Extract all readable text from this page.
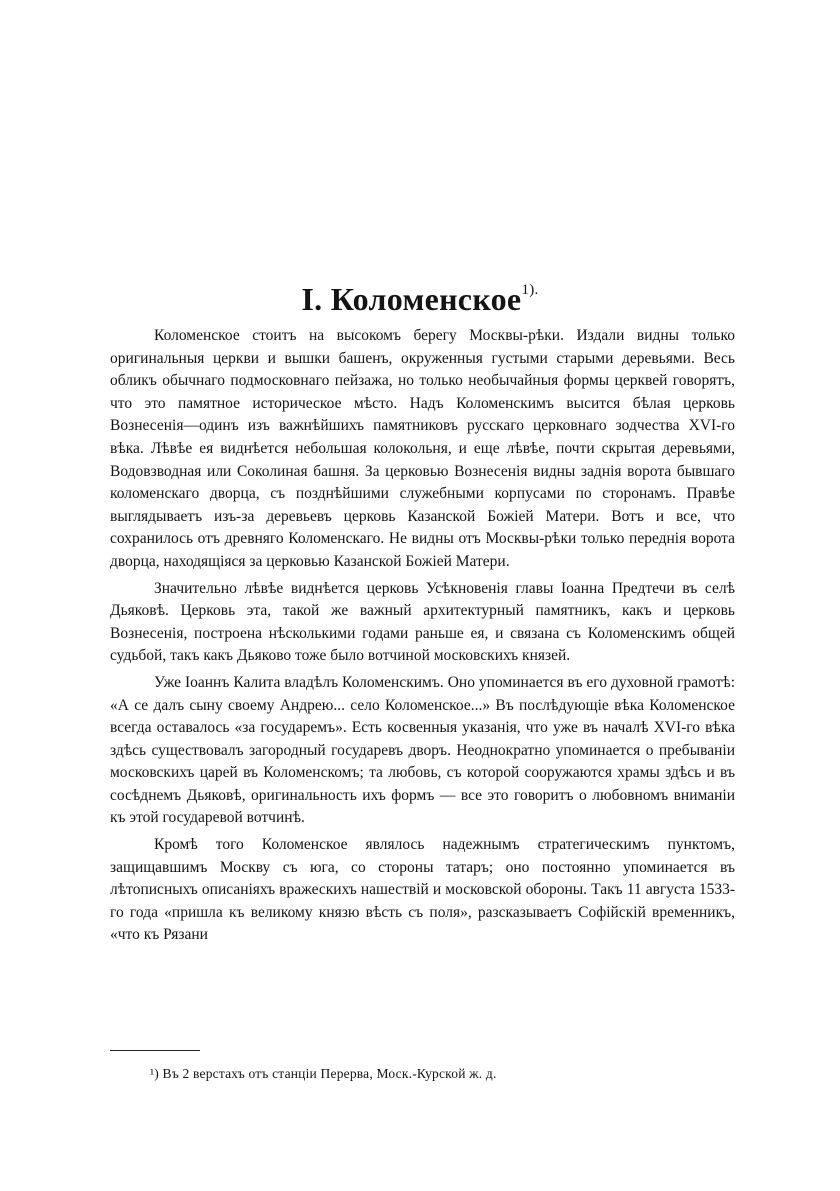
I. Коломенское$^{1).}$

Коломенское стоитъ на высокомъ берегу Москвы-рѣки. Издали видны только оригинальныя церкви и вышки башенъ, окруженныя густыми старыми деревьями. Весь обликъ обычнаго подмосковнаго пейзажа, но только необычайныя формы церквей говорятъ, что это памятное историческое мѣсто. Надъ Коломенскимъ высится бѣлая церковь Вознесенія—одинъ изъ важнѣйшихъ памятниковъ русскаго церковнаго зодчества XVI-го вѣка. Лѣвѣе ея виднѣется небольшая колокольня, и еще лѣвѣе, почти скрытая деревьями, Водовзводная или Соколиная башня. За церковью Вознесенія видны заднія ворота бывшаго коломенскаго дворца, съ позднѣйшими служебными корпусами по сторонамъ. Правѣе выглядываетъ изъ-за деревьевъ церковь Казанской Божіей Матери. Вотъ и все, что сохранилось отъ древняго Коломенскаго. Не видны отъ Москвы-рѣки только переднія ворота дворца, находящіяся за церковью Казанской Божіей Матери.

Значительно лѣвѣе виднѣется церковь Усѣкновенія главы Іоанна Предтечи въ селѣ Дьяковѣ. Церковь эта, такой же важный архитектурный памятникъ, какъ и церковь Вознесенія, построена нѣсколькими годами раньше ея, и связана съ Коломенскимъ общей судьбой, такъ какъ Дьяково тоже было вотчиной московскихъ князей.

Уже Іоаннъ Калита владѣлъ Коломенскимъ. Оно упоминается въ его духовной грамотѣ: «А се далъ сыну своему Андрею... село Коломенское...» Въ послѣдующіе вѣка Коломенское всегда оставалось «за государемъ». Есть косвенныя указанія, что уже въ началѣ XVI-го вѣка здѣсь существовалъ загородный государевъ дворъ. Неоднократно упоминается о пребываніи московскихъ царей въ Коломенскомъ; та любовь, съ которой сооружаются храмы здѣсь и въ сосѣднемъ Дьяковѣ, оригинальность ихъ формъ — все это говоритъ о любовномъ вниманіи къ этой государевой вотчинѣ.

Кромѣ того Коломенское являлось надежнымъ стратегическимъ пунктомъ, защищавшимъ Москву съ юга, со стороны татаръ; оно постоянно упоминается въ лѣтописныхъ описаніяхъ вражескихъ нашествій и московской обороны. Такъ 11 августа 1533-го года «пришла къ великому князю вѣсть съ поля», разсказываетъ Софійскій временникъ, «что къ Рязани

¹) Въ 2 верстахъ отъ станціи Перерва, Моск.-Курской ж. д.
